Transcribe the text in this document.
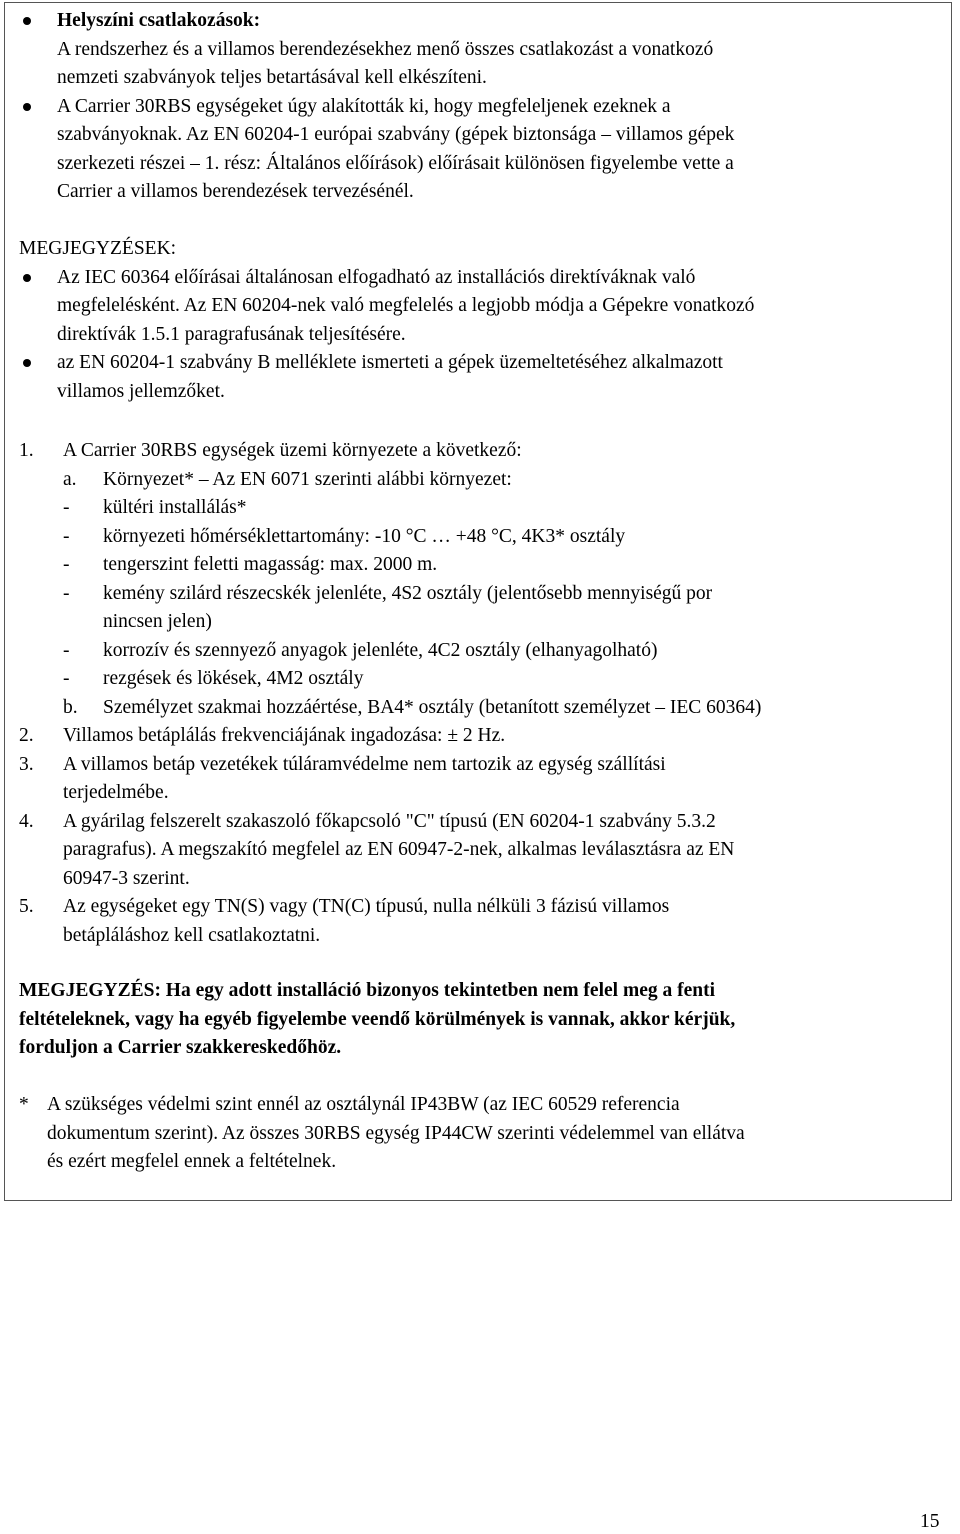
Helyszíni csatlakozások:
A rendszerhez és a villamos berendezésekhez menő összes csatlakozást a vonatkozó
nemzeti szabványok teljes betartásával kell elkészíteni.
A Carrier 30RBS egységeket úgy alakították ki, hogy megfeleljenek ezeknek a
szabványoknak. Az EN 60204-1 európai szabvány (gépek biztonsága – villamos gépek
szerkezeti részei – 1. rész: Általános előírások) előírásait különösen figyelembe vette a
Carrier a villamos berendezések tervezésénél.
MEGJEGYZÉSEK:
Az IEC 60364 előírásai általánosan elfogadható az installációs direktíváknak való
megfelelésként. Az EN 60204-nek való megfelelés a legjobb módja a Gépekre vonatkozó
direktívák 1.5.1 paragrafusának teljesítésére.
az EN 60204-1 szabvány B melléklete ismerteti a gépek üzemeltetéséhez alkalmazott
villamos jellemzőket.
1. A Carrier 30RBS egységek üzemi környezete a következő:
a. Környezet* – Az EN 6071 szerinti alábbi környezet:
- kültéri installálás*
- környezeti hőmérséklettartomány: -10 °C … +48 °C, 4K3* osztály
- tengerszint feletti magasság: max. 2000 m.
- kemény szilárd részecskék jelenléte, 4S2 osztály (jelentősebb mennyiségű por
nincsen jelen)
- korrozív és szennyező anyagok jelenléte, 4C2 osztály (elhanyagolható)
- rezgések és lökések, 4M2 osztály
b. Személyzet szakmai hozzáértése, BA4* osztály (betanított személyzet – IEC 60364)
2. Villamos betáplálás frekvenciájának ingadozása: ± 2 Hz.
3. A villamos betáp vezetékek túláramvédelme nem tartozik az egység szállítási
terjedelmébe.
4. A gyárilag felszerelt szakaszoló főkapcsoló "C" típusú (EN 60204-1 szabvány 5.3.2
paragrafus). A megszakító megfelel az EN 60947-2-nek, alkalmas leválasztásra az EN
60947-3 szerint.
5. Az egységeket egy TN(S) vagy (TN(C) típusú, nulla nélküli 3 fázisú villamos
betápláláshoz kell csatlakoztatni.
MEGJEGYZÉS: Ha egy adott installáció bizonyos tekintetben nem felel meg a fenti
feltételeknek, vagy ha egyéb figyelembe veendő körülmények is vannak, akkor kérjük,
forduljon a Carrier szakkereskedőhöz.
* A szükséges védelmi szint ennél az osztálynál IP43BW (az IEC 60529 referencia
dokumentum szerint). Az összes 30RBS egység IP44CW szerinti védelemmel van ellátva
és ezért megfelel ennek a feltételnek.
15
